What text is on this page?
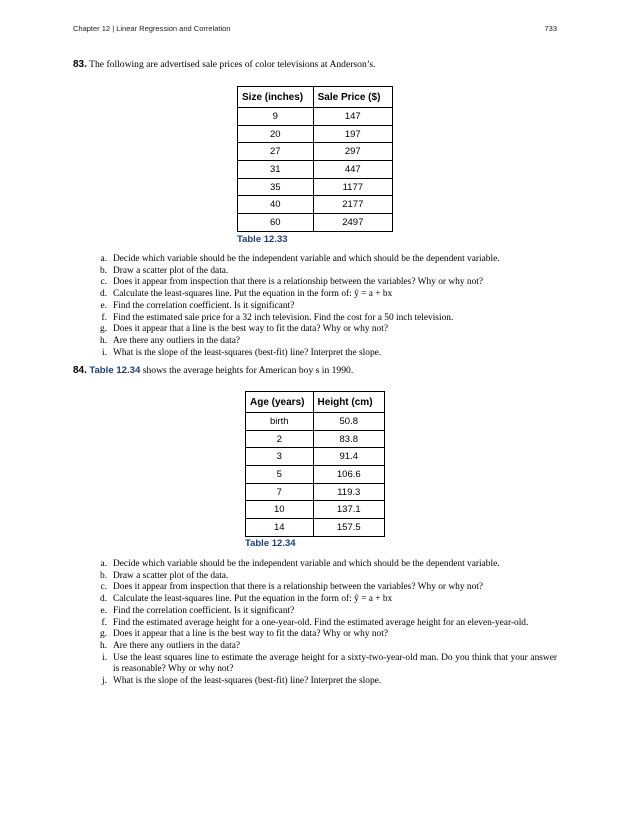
Chapter 12 | Linear Regression and Correlation	733
83. The following are advertised sale prices of color televisions at Anderson’s.
Size (inches)	Sale Price ($)
9	147
20	197
27	297
31	447
35	1177
40	2177
60	2497
Table 12.33
a. Decide which variable should be the independent variable and which should be the dependent variable.
b. Draw a scatter plot of the data.
c. Does it appear from inspection that there is a relationship between the variables? Why or why not?
d. Calculate the least-squares line. Put the equation in the form of: ŷ = a + bx
e. Find the correlation coefficient. Is it significant?
f. Find the estimated sale price for a 32 inch television. Find the cost for a 50 inch television.
g. Does it appear that a line is the best way to fit the data? Why or why not?
h. Are there any outliers in the data?
i. What is the slope of the least-squares (best-fit) line? Interpret the slope.
84. Table 12.34 shows the average heights for American boy s in 1990.
Age (years)	Height (cm)
birth	50.8
2	83.8
3	91.4
5	106.6
7	119.3
10	137.1
14	157.5
Table 12.34
a. Decide which variable should be the independent variable and which should be the dependent variable.
b. Draw a scatter plot of the data.
c. Does it appear from inspection that there is a relationship between the variables? Why or why not?
d. Calculate the least-squares line. Put the equation in the form of: ŷ = a + bx
e. Find the correlation coefficient. Is it significant?
f. Find the estimated average height for a one-year-old. Find the estimated average height for an eleven-year-old.
g. Does it appear that a line is the best way to fit the data? Why or why not?
h. Are there any outliers in the data?
i. Use the least squares line to estimate the average height for a sixty-two-year-old man. Do you think that your answer is reasonable? Why or why not?
j. What is the slope of the least-squares (best-fit) line? Interpret the slope.
